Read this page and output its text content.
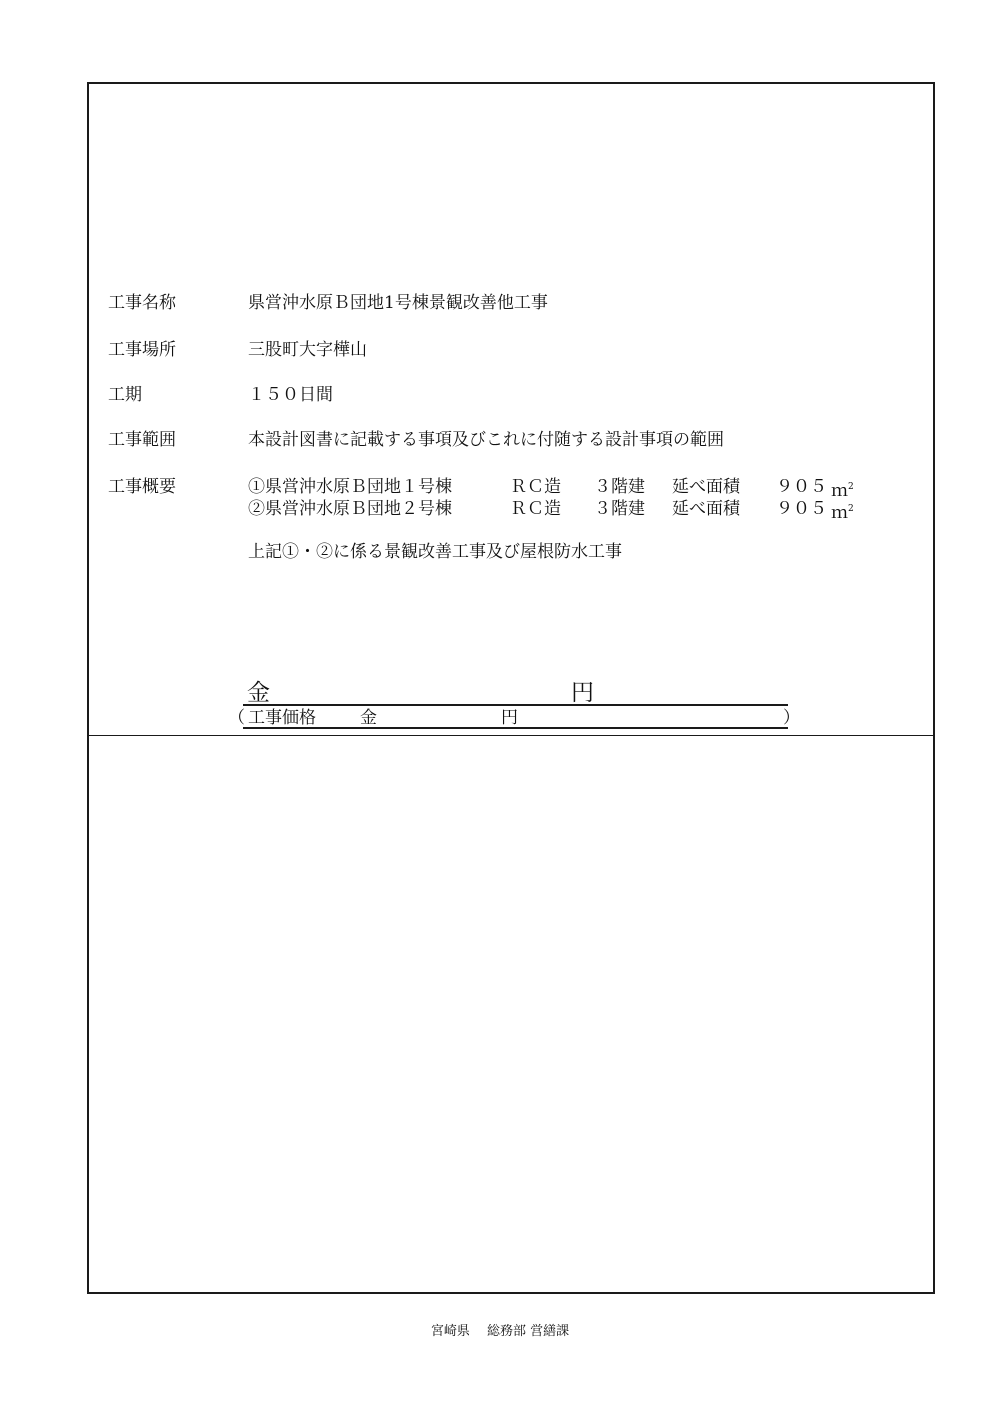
工事名称	県営沖水原Ｂ団地1号棟景観改善他工事
工事場所	三股町大字樺山
工期	１５０日間
工事範囲	本設計図書に記載する事項及びこれに付随する設計事項の範囲
工事概要	①県営沖水原Ｂ団地１号棟	ＲＣ造 ３階建 延べ面積 ９０５ ｍ$^2$
②県営沖水原Ｂ団地２号棟	ＲＣ造 ３階建 延べ面積 ９０５ ｍ$^2$
上記①・②に係る景観改善工事及び屋根防水工事
金	円
（ 工事価格	金	円	）
宮崎県　 総務部 営繕課
